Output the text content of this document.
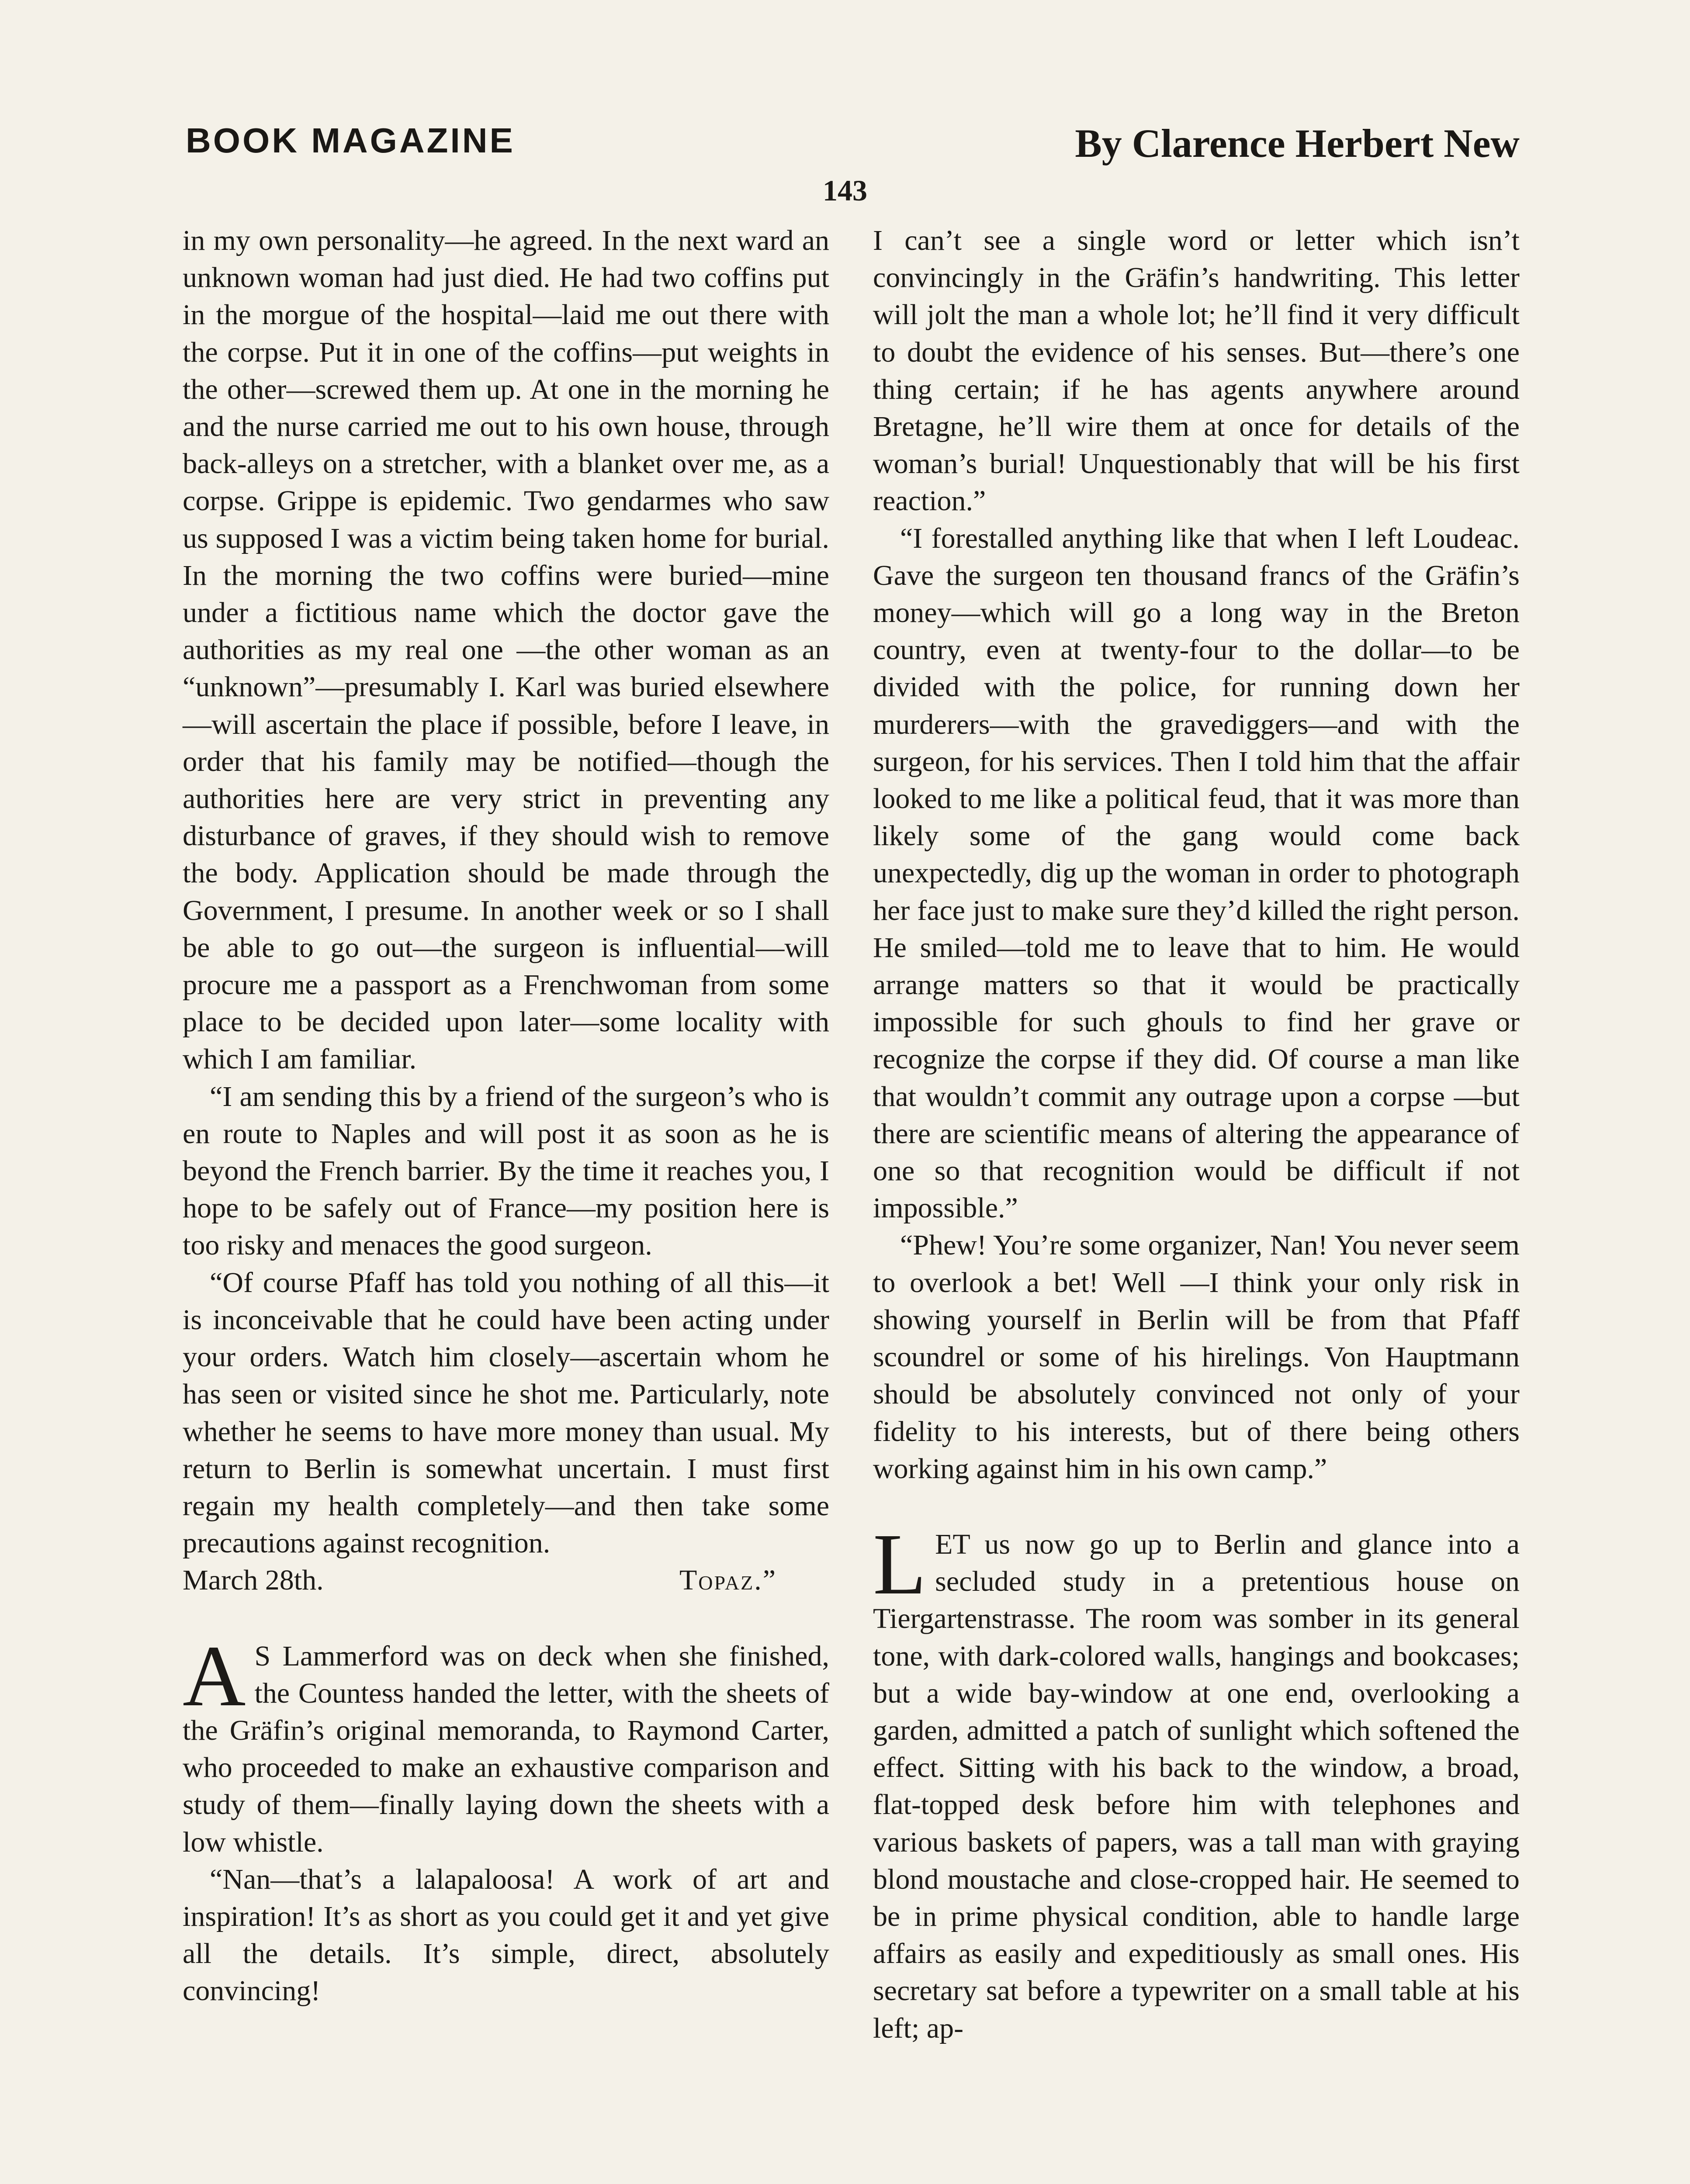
BOOK MAGAZINE	By Clarence Herbert New
143

in my own personality—he agreed. In the next ward an unknown woman had just died. He had two coffins put in the morgue of the hospital—laid me out there with the corpse. Put it in one of the coffins—put weights in the other—screwed them up. At one in the morning he and the nurse carried me out to his own house, through back-alleys on a stretcher, with a blanket over me, as a corpse. Grippe is epidemic. Two gendarmes who saw us supposed I was a victim being taken home for burial. In the morning the two coffins were buried—mine under a fictitious name which the doctor gave the authorities as my real one —the other woman as an “unknown”—presumably I. Karl was buried elsewhere —will ascertain the place if possible, before I leave, in order that his family may be notified—though the authorities here are very strict in preventing any disturbance of graves, if they should wish to remove the body. Application should be made through the Government, I presume. In another week or so I shall be able to go out—the surgeon is influential—will procure me a passport as a Frenchwoman from some place to be decided upon later—some locality with which I am familiar.

“I am sending this by a friend of the surgeon’s who is en route to Naples and will post it as soon as he is beyond the French barrier. By the time it reaches you, I hope to be safely out of France—my position here is too risky and menaces the good surgeon.

“Of course Pfaff has told you nothing of all this—it is inconceivable that he could have been acting under your orders. Watch him closely—ascertain whom he has seen or visited since he shot me. Particularly, note whether he seems to have more money than usual. My return to Berlin is somewhat uncertain. I must first regain my health completely—and then take some precautions against recognition.

March 28th.	Topaz.”

A S Lammerford was on deck when she finished, the Countess handed the letter, with the sheets of the Gräfin’s original memoranda, to Raymond Carter, who proceeded to make an exhaustive comparison and study of them—finally laying down the sheets with a low whistle.

“Nan—that’s a lalapaloosa! A work of art and inspiration! It’s as short as you could get it and yet give all the details. It’s simple, direct, absolutely convincing!

I can’t see a single word or letter which isn’t convincingly in the Gräfin’s handwriting. This letter will jolt the man a whole lot; he’ll find it very difficult to doubt the evidence of his senses. But—there’s one thing certain; if he has agents anywhere around Bretagne, he’ll wire them at once for details of the woman’s burial! Unquestionably that will be his first reaction.”

“I forestalled anything like that when I left Loudeac. Gave the surgeon ten thousand francs of the Gräfin’s money—which will go a long way in the Breton country, even at twenty-four to the dollar—to be divided with the police, for running down her murderers—with the gravediggers—and with the surgeon, for his services. Then I told him that the affair looked to me like a political feud, that it was more than likely some of the gang would come back unexpectedly, dig up the woman in order to photograph her face just to make sure they’d killed the right person. He smiled—told me to leave that to him. He would arrange matters so that it would be practically impossible for such ghouls to find her grave or recognize the corpse if they did. Of course a man like that wouldn’t commit any outrage upon a corpse —but there are scientific means of altering the appearance of one so that recognition would be difficult if not impossible.”

“Phew! You’re some organizer, Nan! You never seem to overlook a bet! Well —I think your only risk in showing yourself in Berlin will be from that Pfaff scoundrel or some of his hirelings. Von Hauptmann should be absolutely convinced not only of your fidelity to his interests, but of there being others working against him in his own camp.”

LET us now go up to Berlin and glance into a secluded study in a pretentious house on Tiergartenstrasse. The room was somber in its general tone, with dark-colored walls, hangings and bookcases; but a wide bay-window at one end, overlooking a garden, admitted a patch of sunlight which softened the effect. Sitting with his back to the window, a broad, flat-topped desk before him with telephones and various baskets of papers, was a tall man with graying blond moustache and close-cropped hair. He seemed to be in prime physical condition, able to handle large affairs as easily and expeditiously as small ones. His secretary sat before a typewriter on a small table at his left; ap-
